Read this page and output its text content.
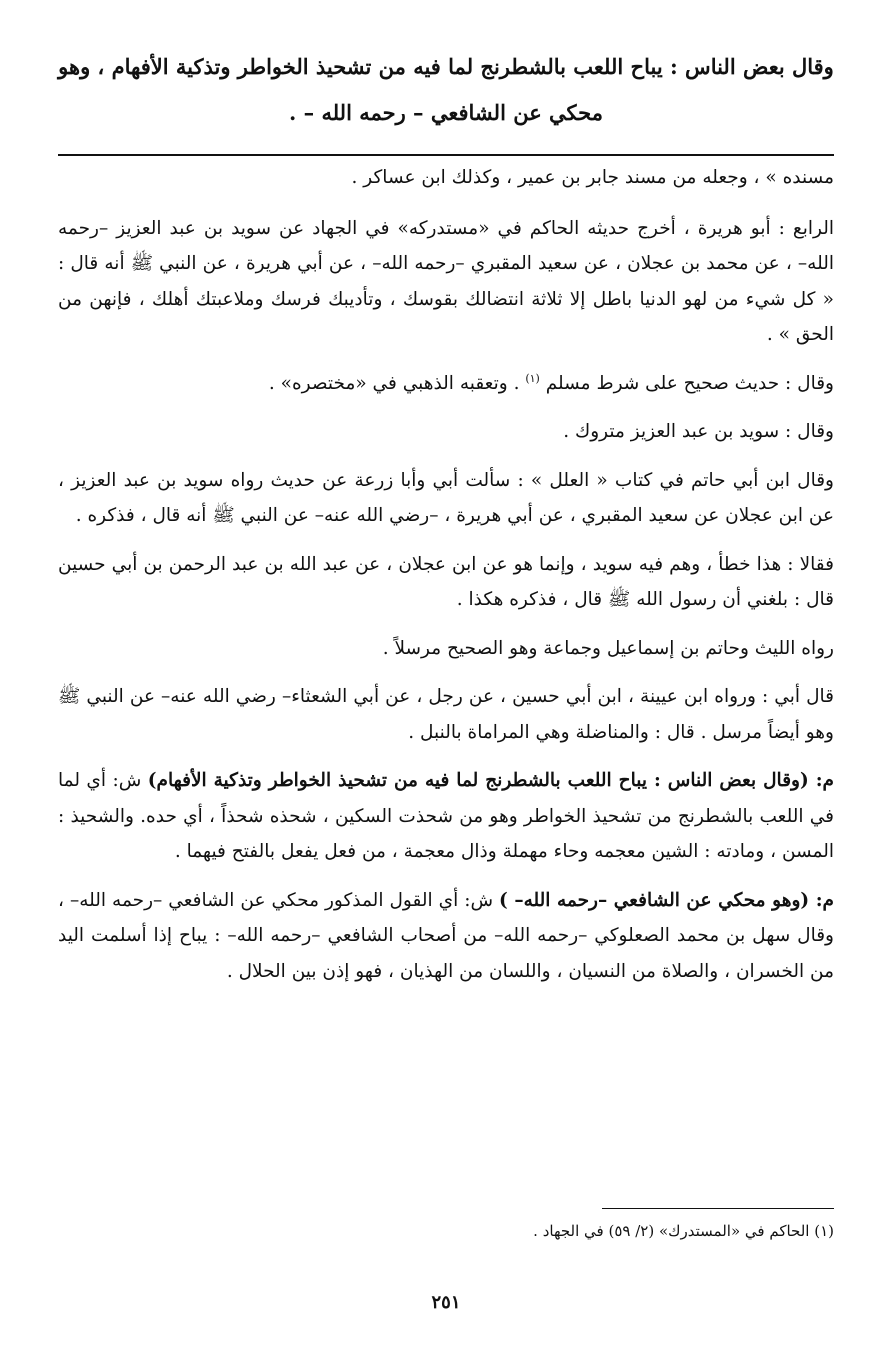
وقال بعض الناس : يباح اللعب بالشطرنج لما فيه من تشحيذ الخواطر وتذكية الأفهام ، وهو
محكي عن الشافعي – رحمه الله – .

مسنده » ، وجعله من مسند جابر بن عمير ، وكذلك ابن عساكر .

الرابع : أبو هريرة ، أخرج حديثه الحاكم في «مستدركه» في الجهاد عن سويد بن عبد العزيز –رحمه الله– ، عن محمد بن عجلان ، عن سعيد المقبري –رحمه الله– ، عن أبي هريرة ، عن النبي ﷺ أنه قال : « كل شيء من لهو الدنيا باطل إلا ثلاثة انتضالك بقوسك ، وتأديبك فرسك وملاعبتك أهلك ، فإنهن من الحق » .

وقال : حديث صحيح على شرط مسلم $^{(١)}$ . وتعقبه الذهبي في «مختصره» .

وقال : سويد بن عبد العزيز متروك .

وقال ابن أبي حاتم في كتاب « العلل » : سألت أبي وأبا زرعة عن حديث رواه سويد بن عبد العزيز ، عن ابن عجلان عن سعيد المقبري ، عن أبي هريرة ، –رضي الله عنه– عن النبي ﷺ أنه قال ، فذكره .

فقالا : هذا خطأ ، وهم فيه سويد ، وإنما هو عن ابن عجلان ، عن عبد الله بن عبد الرحمن بن أبي حسين قال : بلغني أن رسول الله ﷺ قال ، فذكره هكذا .

رواه الليث وحاتم بن إسماعيل وجماعة وهو الصحيح مرسلاً .

قال أبي : ورواه ابن عيينة ، ابن أبي حسين ، عن رجل ، عن أبي الشعثاء– رضي الله عنه– عن النبي ﷺ وهو أيضاً مرسل . قال : والمناضلة وهي المراماة بالنبل .

م: (وقال بعض الناس : يباح اللعب بالشطرنج لما فيه من تشحيذ الخواطر وتذكية الأفهام) ش: أي لما في اللعب بالشطرنج من تشحيذ الخواطر وهو من شحذت السكين ، شحذه شحذاً ، أي حده. والشحيذ : المسن ، ومادته : الشين معجمه وحاء مهملة وذال معجمة ، من فعل يفعل بالفتح فيهما .

م: (وهو محكي عن الشافعي –رحمه الله– ) ش: أي القول المذكور محكي عن الشافعي –رحمه الله– ، وقال سهل بن محمد الصعلوكي –رحمه الله– من أصحاب الشافعي –رحمه الله– : يباح إذا أسلمت اليد من الخسران ، والصلاة من النسيان ، واللسان من الهذيان ، فهو إذن بين الحلال .

(١) الحاكم في «المستدرك» (٢/ ٥٩) في الجهاد .
٢٥١
